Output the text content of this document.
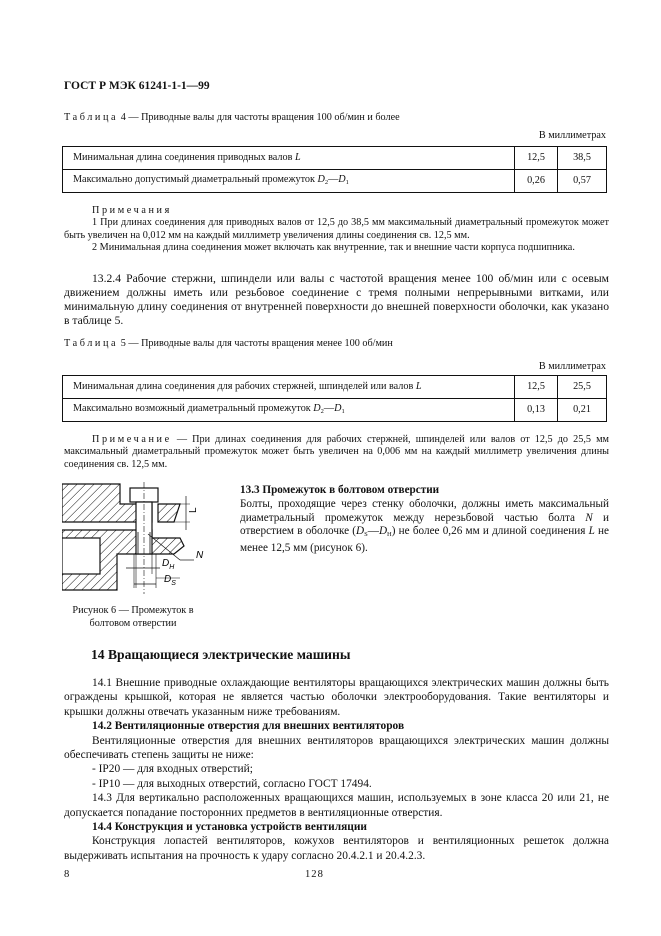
ГОСТ Р МЭК 61241-1-1—99
Таблица 4 — Приводные валы для частоты вращения 100 об/мин и более
В миллиметрах
Минимальная длина соединения приводных валов L	12,5	38,5
Максимально допустимый диаметральный промежуток $D_2—D_1$	0,26	0,57
Примечания
1 При длинах соединения для приводных валов от 12,5 до 38,5 мм максимальный диаметральный промежуток может быть увеличен на 0,012 мм на каждый миллиметр увеличения длины соединения св. 12,5 мм.
2 Минимальная длина соединения может включать как внутренние, так и внешние части корпуса подшипника.

13.2.4 Рабочие стержни, шпиндели или валы с частотой вращения менее 100 об/мин или с осевым движением должны иметь или резьбовое соединение с тремя полными непрерывными витками, или минимальную длину соединения от внутренней поверхности до внешней поверхности оболочки, как указано в таблице 5.

Таблица 5 — Приводные валы для частоты вращения менее 100 об/мин
В миллиметрах
Минимальная длина соединения для рабочих стержней, шпинделей или валов L	12,5	25,5
Максимально возможный диаметральный промежуток $D_2—D_1$	0,13	0,21
Примечание — При длинах соединения для рабочих стержней, шпинделей или валов от 12,5 до 25,5 мм максимальный диаметральный промежуток может быть увеличен на 0,006 мм на каждый миллиметр увеличения длины соединения св. 12,5 мм.
L
N
$D_H$
$D_S$
Рисунок 6 — Промежуток в
болтовом отверстии

13.3 Промежуток в болтовом отверстии

Болты, проходящие через стенку оболочки, должны иметь максимальный диаметральный промежуток между нерезьбовой частью болта N и отверстием в оболочке $(D_S—D_H)$ не более 0,26 мм и длиной соединения L не менее 12,5 мм (рисунок 6).

14 Вращающиеся электрические машины

14.1 Внешние приводные охлаждающие вентиляторы вращающихся электрических машин должны быть ограждены крышкой, которая не является частью оболочки электрооборудования. Такие вентиляторы и крышки должны отвечать указанным ниже требованиям.

14.2 Вентиляционные отверстия для внешних вентиляторов

Вентиляционные отверстия для внешних вентиляторов вращающихся электрических машин должны обеспечивать степень защиты не ниже:

- IP20 — для входных отверстий;

- IP10 — для выходных отверстий, согласно ГОСТ 17494.

14.3 Для вертикально расположенных вращающихся машин, используемых в зоне класса 20 или 21, не допускается попадание посторонних предметов в вентиляционные отверстия.

14.4 Конструкция и установка устройств вентиляции

Конструкция лопастей вентиляторов, кожухов вентиляторов и вентиляционных решеток должна выдерживать испытания на прочность к удару согласно 20.4.2.1 и 20.4.2.3.

8	128
